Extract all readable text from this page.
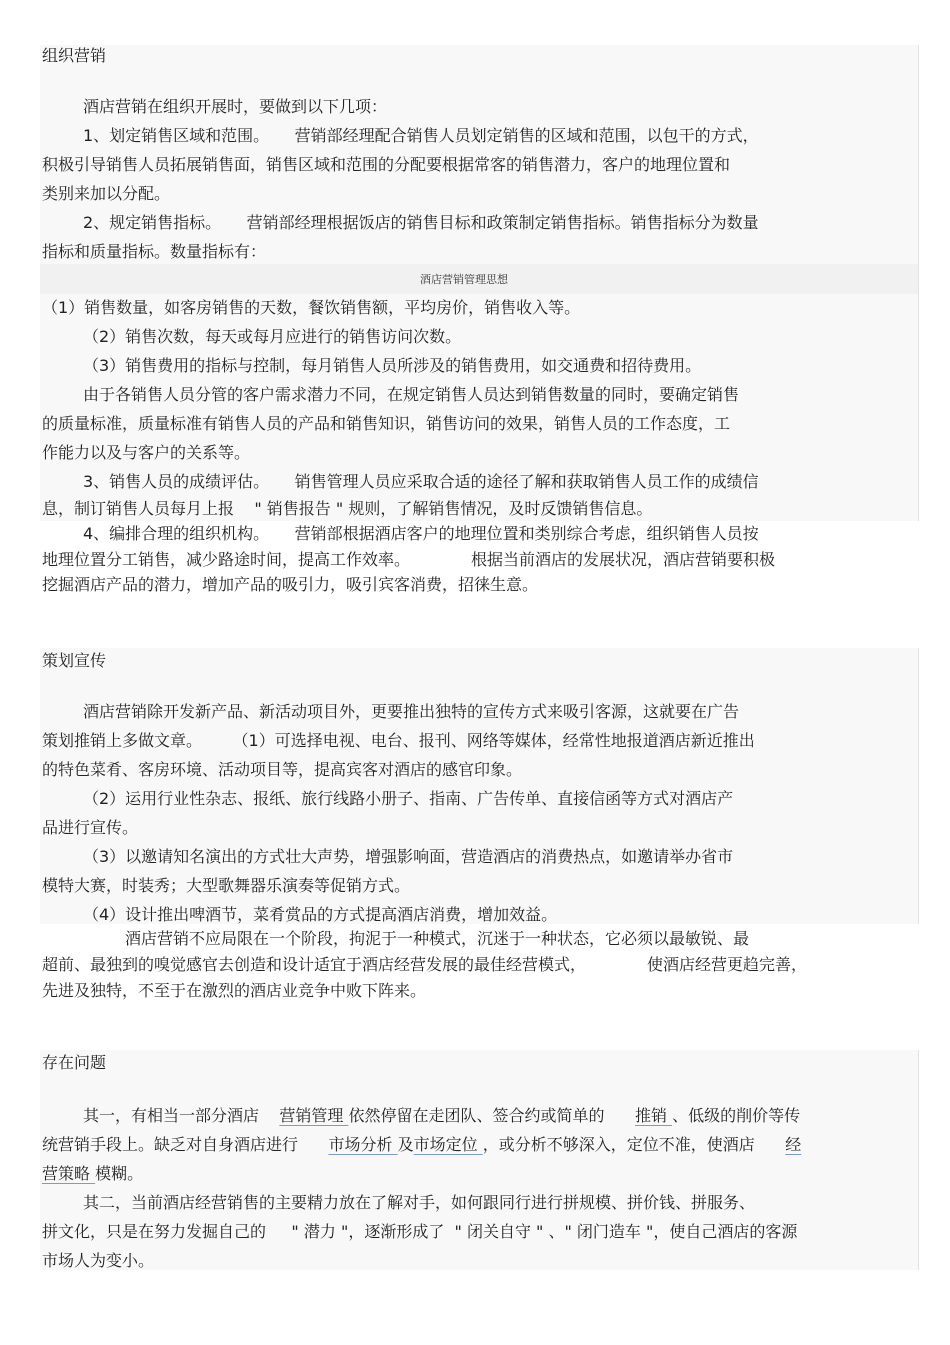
组织营销
酒店营销在组织开展时，要做到以下几项：
1、划定销售区域和范围。     营销部经理配合销售人员划定销售的区域和范围，以包干的方式，
积极引导销售人员拓展销售面，销售区域和范围的分配要根据常客的销售潜力，客户的地理位置和
类别来加以分配。
2、规定销售指标。     营销部经理根据饭店的销售目标和政策制定销售指标。销售指标分为数量
指标和质量指标。数量指标有：
酒店营销管理思想
（1）销售数量，如客房销售的天数，餐饮销售额，平均房价，销售收入等。
（2）销售次数，每天或每月应进行的销售访问次数。
（3）销售费用的指标与控制，每月销售人员所涉及的销售费用，如交通费和招待费用。
由于各销售人员分管的客户需求潜力不同，在规定销售人员达到销售数量的同时，要确定销售
的质量标准，质量标准有销售人员的产品和销售知识，销售访问的效果，销售人员的工作态度，工
作能力以及与客户的关系等。
3、销售人员的成绩评估。     销售管理人员应采取合适的途径了解和获取销售人员工作的成绩信
息，制订销售人员每月上报    " 销售报告 " 规则，了解销售情况，及时反馈销售信息。
4、编排合理的组织机构。     营销部根据酒店客户的地理位置和类别综合考虑，组织销售人员按
地理位置分工销售，减少路途时间，提高工作效率。            根据当前酒店的发展状况，酒店营销要积极
挖掘酒店产品的潜力，增加产品的吸引力，吸引宾客消费，招徕生意。
策划宣传
酒店营销除开发新产品、新活动项目外，更要推出独特的宣传方式来吸引客源，这就要在广告
策划推销上多做文章。      （1）可选择电视、电台、报刊、网络等媒体，经常性地报道酒店新近推出
的特色菜肴、客房环境、活动项目等，提高宾客对酒店的感官印象。
（2）运用行业性杂志、报纸、旅行线路小册子、指南、广告传单、直接信函等方式对酒店产
品进行宣传。
（3）以邀请知名演出的方式壮大声势，增强影响面，营造酒店的消费热点，如邀请举办省市
模特大赛，时装秀；大型歌舞器乐演奏等促销方式。
（4）设计推出啤酒节，菜肴赏品的方式提高酒店消费，增加效益。
酒店营销不应局限在一个阶段，拘泥于一种模式，沉迷于一种状态，它必须以最敏锐、最
超前、最独到的嗅觉感官去创造和设计适宜于酒店经营发展的最佳经营模式，            使酒店经营更趋完善，
先进及独特，不至于在激烈的酒店业竞争中败下阵来。
存在问题
其一，有相当一部分酒店    营销管理 依然停留在走团队、签合约或简单的      推销 、低级的削价等传
统营销手段上。缺乏对自身酒店进行      市场分析 及市场定位 ，或分析不够深入，定位不准，使酒店      经
营策略 模糊。
其二，当前酒店经营销售的主要精力放在了解对手，如何跟同行进行拼规模、拼价钱、拼服务、
拼文化，只是在努力发掘自己的     " 潜力 "，逐渐形成了  " 闭关自守 " 、" 闭门造车 "，使自己酒店的客源
市场人为变小。
